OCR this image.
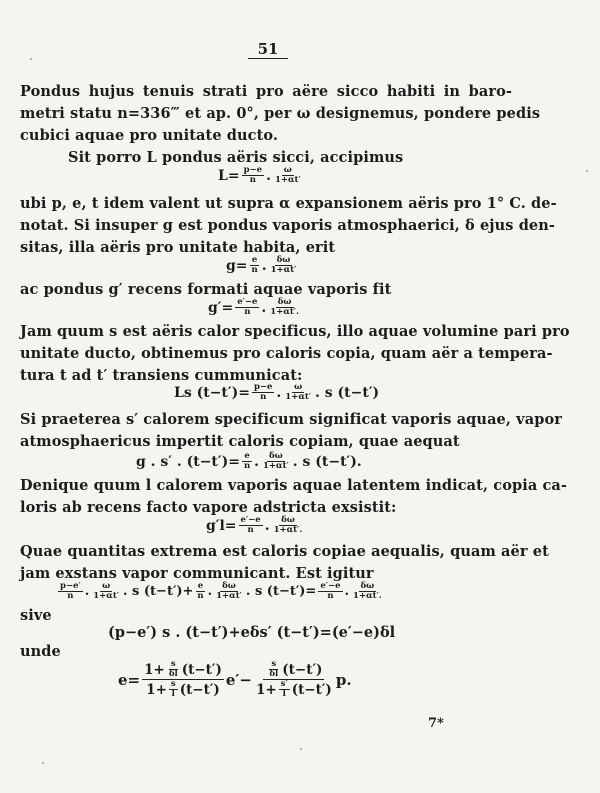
51
Pondus hujus tenuis strati pro aëre sicco habiti in baro-
metri statu n=336‴ et ap. 0°, per ω designemus, pondere pedis
cubici aquae pro unitate ducto.
Sit porro L pondus aëris sicci, accipimus
$L= \frac{p-e}{n}$ . $\frac{\omega}{1+\alpha t'}$
ubi p, e, t idem valent ut supra α expansionem aëris pro 1° C. de-
notat. Si insuper g est pondus vaporis atmosphaerici, δ ejus den-
sitas, illa aëris pro unitate habita, erit
$g= \frac{e}{n}$ . $\frac{\delta\omega}{1+\alpha t'}$
ac pondus g′ recens formati aquae vaporis fit
$g'= \frac{e'-e}{n}$ . $\frac{\delta\omega}{1+\alpha t'.}$
Jam quum s est aëris calor specificus, illo aquae volumine pari pro
unitate ducto, obtinemus pro caloris copia, quam aër a tempera-
tura t ad t′ transiens cummunicat:
Ls $(t-t')= \frac{p-e}{n}$ . $\frac{\omega}{1+\alpha t'}$ . s (t−t′)
Si praeterea s′ calorem specificum significat vaporis aquae, vapor
atmosphaericus impertit caloris copiam, quae aequat
g . s′ . $(t-t')= \frac{e}{n}$ . $\frac{\delta\omega}{1+\alpha t'}$ . s (t−t′).
Denique quum l calorem vaporis aquae latentem indicat, copia ca-
loris ab recens facto vapore adstricta exsistit:
$g'l= \frac{e'-e}{n}$ . $\frac{\delta\omega}{1+\alpha t'.}$
Quae quantitas extrema est caloris copiae aequalis, quam aër et
jam exstans vapor communicant. Est igitur
$\frac{p-e'}{n}$ . $\frac{\omega}{1+\alpha t'}$ . s $(t-t')+ \frac{e}{n}$ . $\frac{\delta\omega}{1+\alpha t'}$ . s $(t-t')= \frac{e'-e}{n}$ . $\frac{\delta\omega}{1+\alpha t'.}$
sive
(p−e′) s . (t−t′)+eδs′ (t−t′)=(e′−e)δl
unde
$e= \frac{1+ \frac{s}{\delta l} (t-t')}{1+ \frac{s}{l} (t-t')} e'- \frac{\frac{s}{\delta l} (t-t')}{1+ \frac{s'}{l} (t-t')} p$.
7*
